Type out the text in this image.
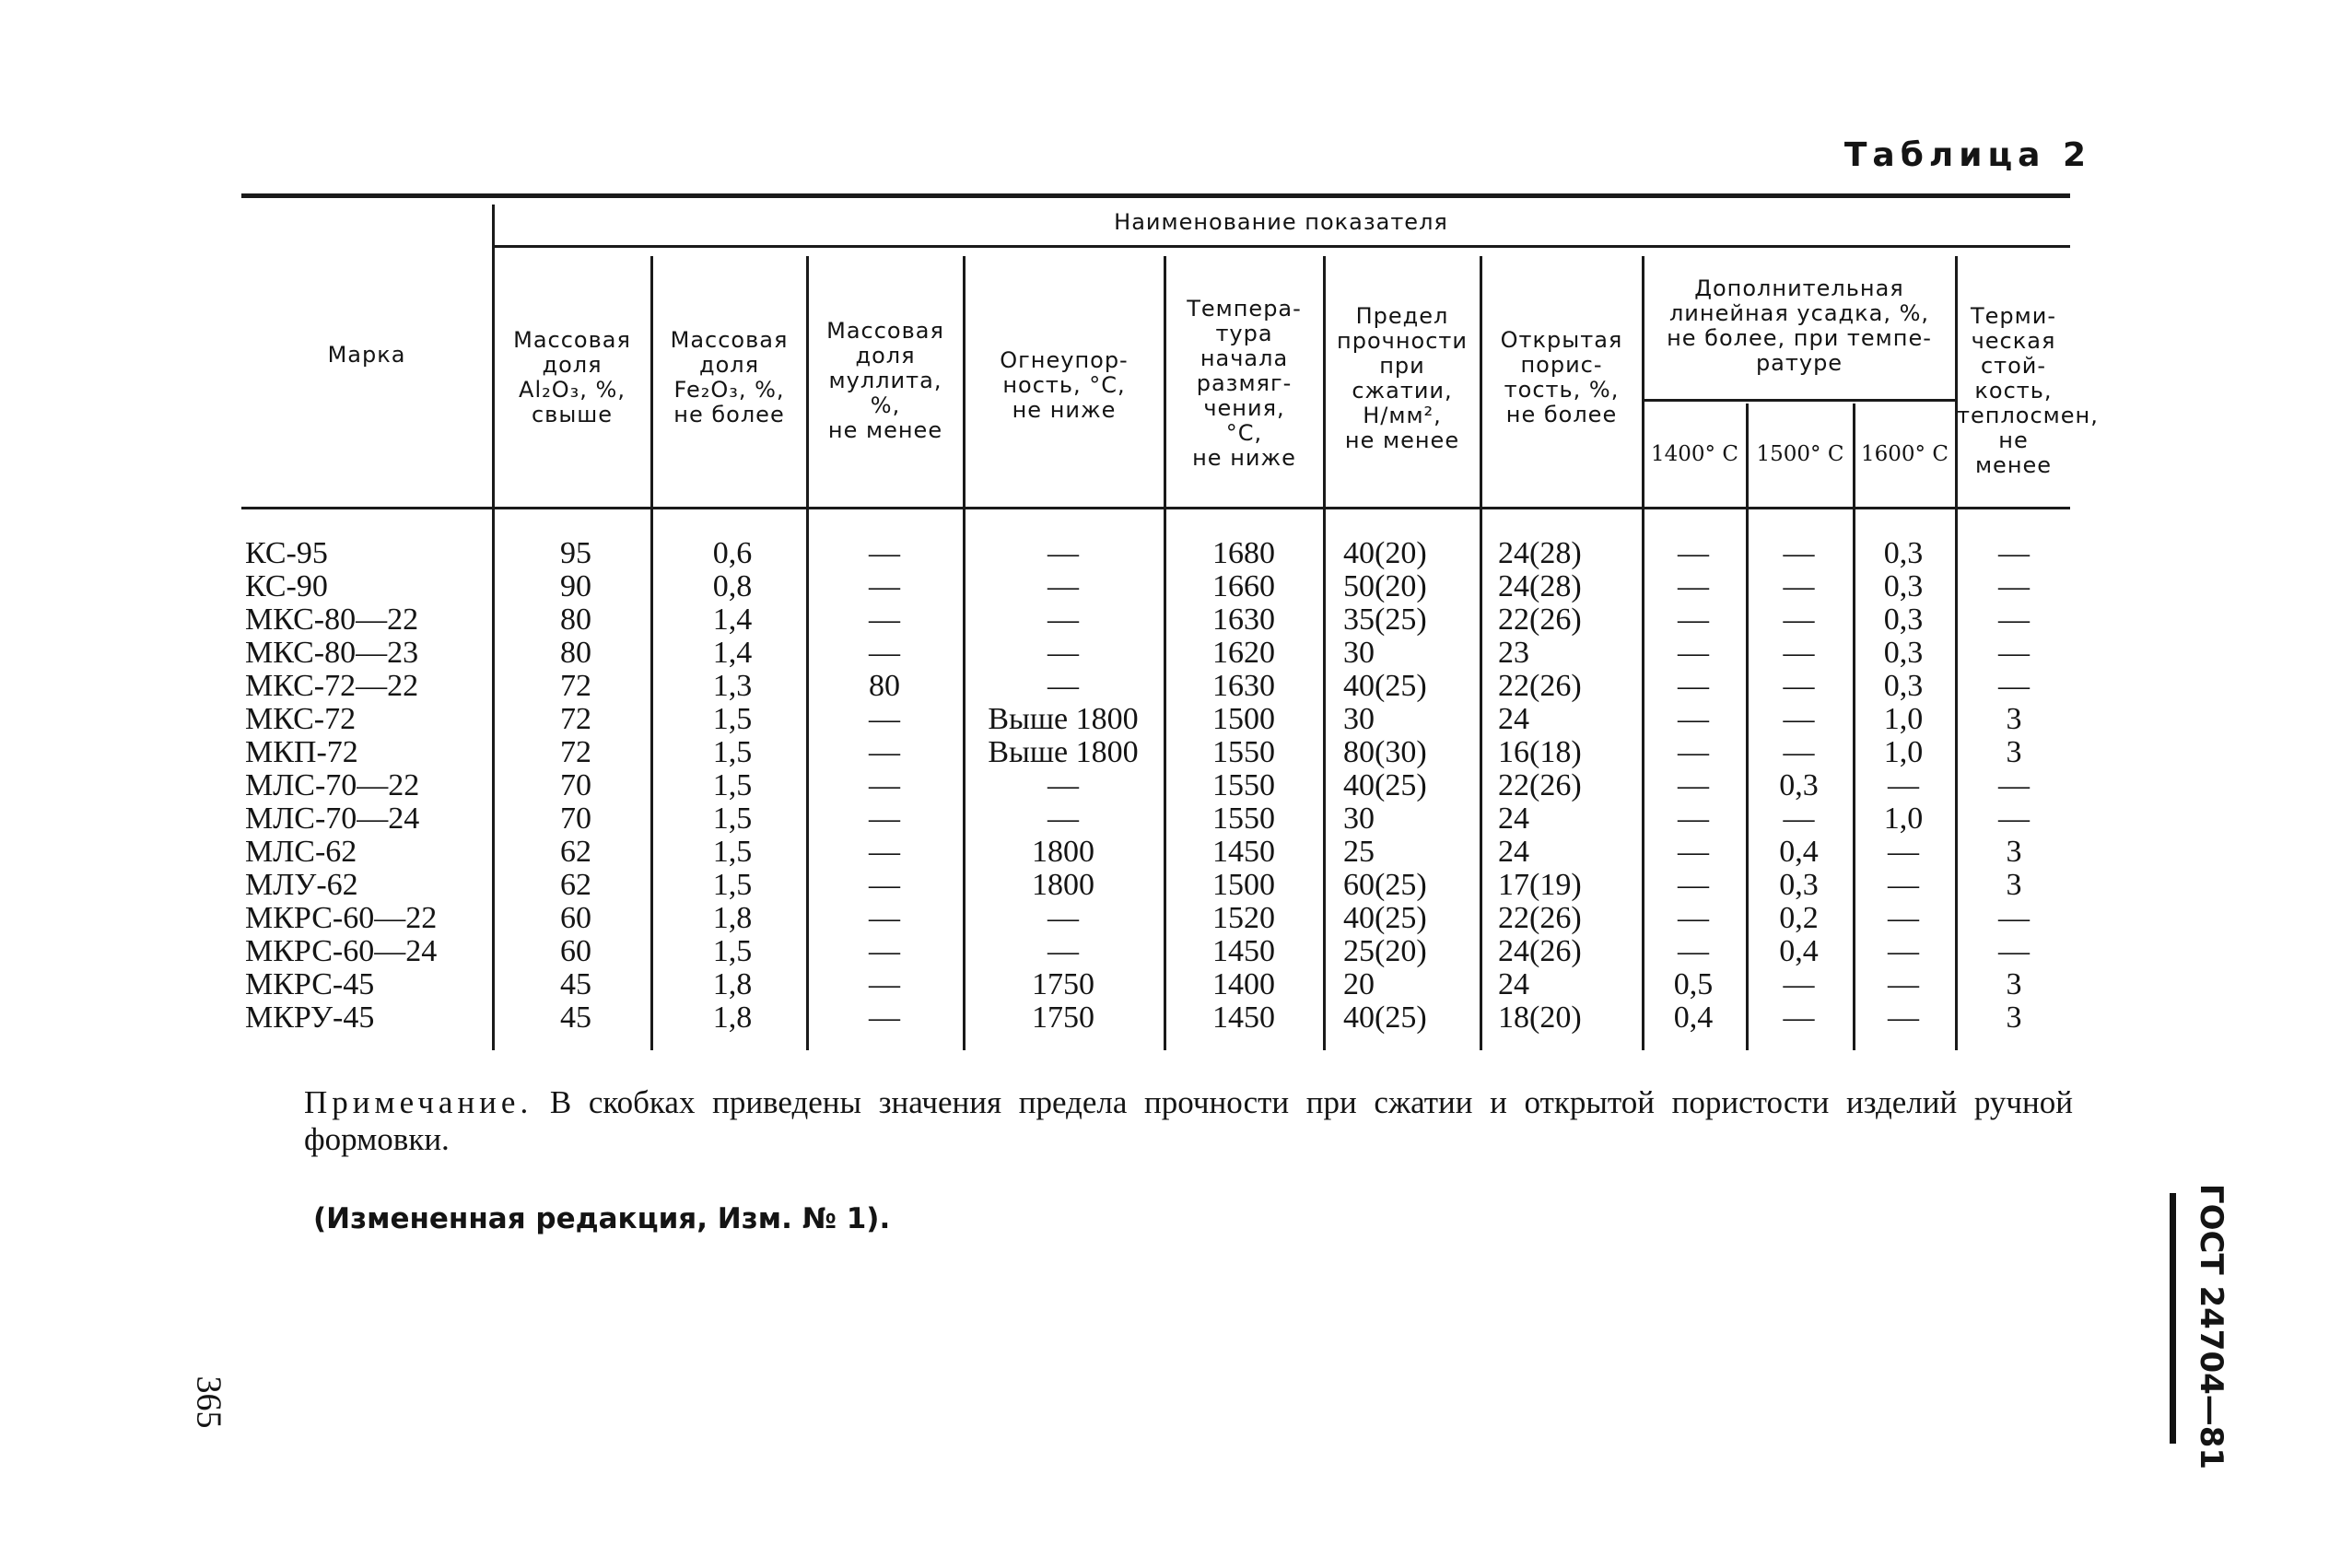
Таблица 2
Марка
Наименование показателя
Массовая
доля
Al₂O₃, %,
свыше
Массовая
доля
Fe₂O₃, %,
не более
Массовая
доля
муллита,
%,
не менее
Огнеупор-
ность, °С,
не ниже
Темпера-
тура
начала
размяг-
чения,
°С,
не ниже
Предел
прочности
при
сжатии,
Н/мм²,
не менее
Открытая
порис-
тость, %,
не более
Дополнительная
линейная усадка, %,
не более, при темпе-
ратуре
1400° С 1500° С 1600° С
Терми-
ческая
стой-
кость,
теплосмен,
не менее
КС-95
КС-90
МКС-80—22
МКС-80—23
МКС-72—22
МКС-72
МКП-72
МЛС-70—22
МЛС-70—24
МЛС-62
МЛУ-62
МКРС-60—22
МКРС-60—24
МКРС-45
МКРУ-45
95
90
80
80
72
72
72
70
70
62
62
60
60
45
45
0,6
0,8
1,4
1,4
1,3
1,5
1,5
1,5
1,5
1,5
1,5
1,8
1,5
1,8
1,8
—
—
—
—
80
—
—
—
—
—
—
—
—
—
—
—
—
—
—
—
Выше 1800
Выше 1800
—
—
1800
1800
—
—
1750
1750
1680
1660
1630
1620
1630
1500
1550
1550
1550
1450
1500
1520
1450
1400
1450
40(20)
50(20)
35(25)
30
40(25)
30
80(30)
40(25)
30
25
60(25)
40(25)
25(20)
20
40(25)
24(28)
24(28)
22(26)
23
22(26)
24
16(18)
22(26)
24
24
17(19)
22(26)
24(26)
24
18(20)
—
—
—
—
—
—
—
—
—
—
—
—
—
0,5
0,4
—
—
—
—
—
—
—
0,3
—
0,4
0,3
0,2
0,4
—
—
0,3
0,3
0,3
0,3
0,3
1,0
1,0
—
1,0
—
—
—
—
—
—
—
—
—
—
—
3
3
—
—
3
3
—
—
3
3
Примечание. В скобках приведены значения предела прочности при сжатии и открытой пористости изделий ручной формовки.
(Измененная редакция, Изм. № 1).
365	ГОСТ 24704—81
